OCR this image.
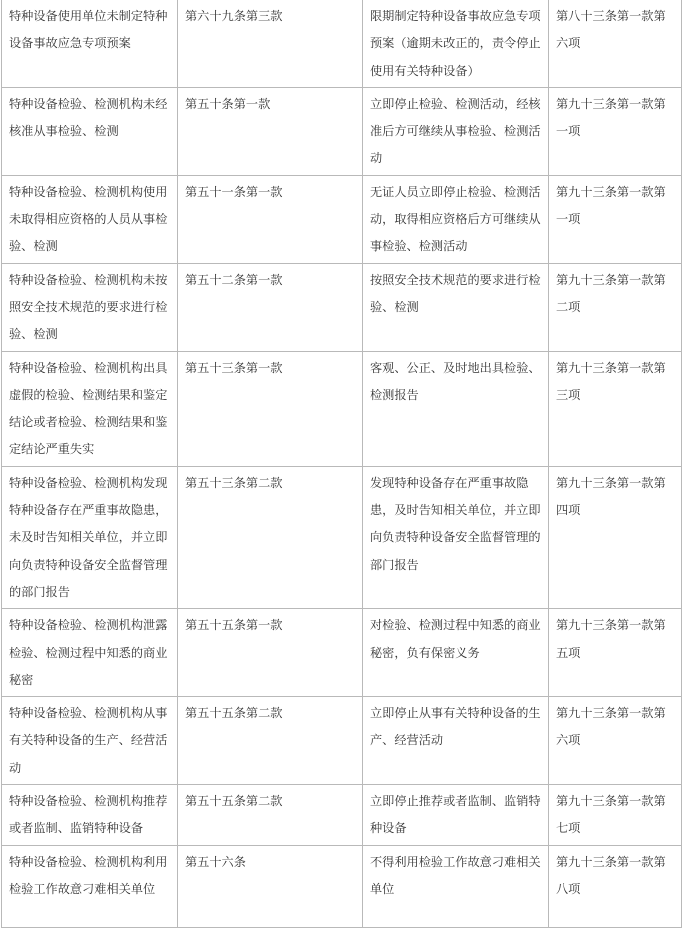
特种设备使用单位未制定特种设备事故应急专项预案	第六十九条第三款	限期制定特种设备事故应急专项预案（逾期未改正的，责令停止使用有关特种设备）	第八十三条第一款第六项
特种设备检验、检测机构未经核准从事检验、检测	第五十条第一款	立即停止检验、检测活动，经核准后方可继续从事检验、检测活动	第九十三条第一款第一项
特种设备检验、检测机构使用未取得相应资格的人员从事检验、检测	第五十一条第一款	无证人员立即停止检验、检测活动，取得相应资格后方可继续从事检验、检测活动	第九十三条第一款第一项
特种设备检验、检测机构未按照安全技术规范的要求进行检验、检测	第五十二条第一款	按照安全技术规范的要求进行检验、检测	第九十三条第一款第二项
特种设备检验、检测机构出具虚假的检验、检测结果和鉴定结论或者检验、检测结果和鉴定结论严重失实	第五十三条第一款	客观、公正、及时地出具检验、检测报告	第九十三条第一款第三项
特种设备检验、检测机构发现特种设备存在严重事故隐患，未及时告知相关单位，并立即向负责特种设备安全监督管理的部门报告	第五十三条第二款	发现特种设备存在严重事故隐患，及时告知相关单位，并立即向负责特种设备安全监督管理的部门报告	第九十三条第一款第四项
特种设备检验、检测机构泄露检验、检测过程中知悉的商业秘密	第五十五条第一款	对检验、检测过程中知悉的商业秘密，负有保密义务	第九十三条第一款第五项
特种设备检验、检测机构从事有关特种设备的生产、经营活动	第五十五条第二款	立即停止从事有关特种设备的生产、经营活动	第九十三条第一款第六项
特种设备检验、检测机构推荐或者监制、监销特种设备	第五十五条第二款	立即停止推荐或者监制、监销特种设备	第九十三条第一款第七项
特种设备检验、检测机构利用检验工作故意刁难相关单位	第五十六条	不得利用检验工作故意刁难相关单位	第九十三条第一款第八项
